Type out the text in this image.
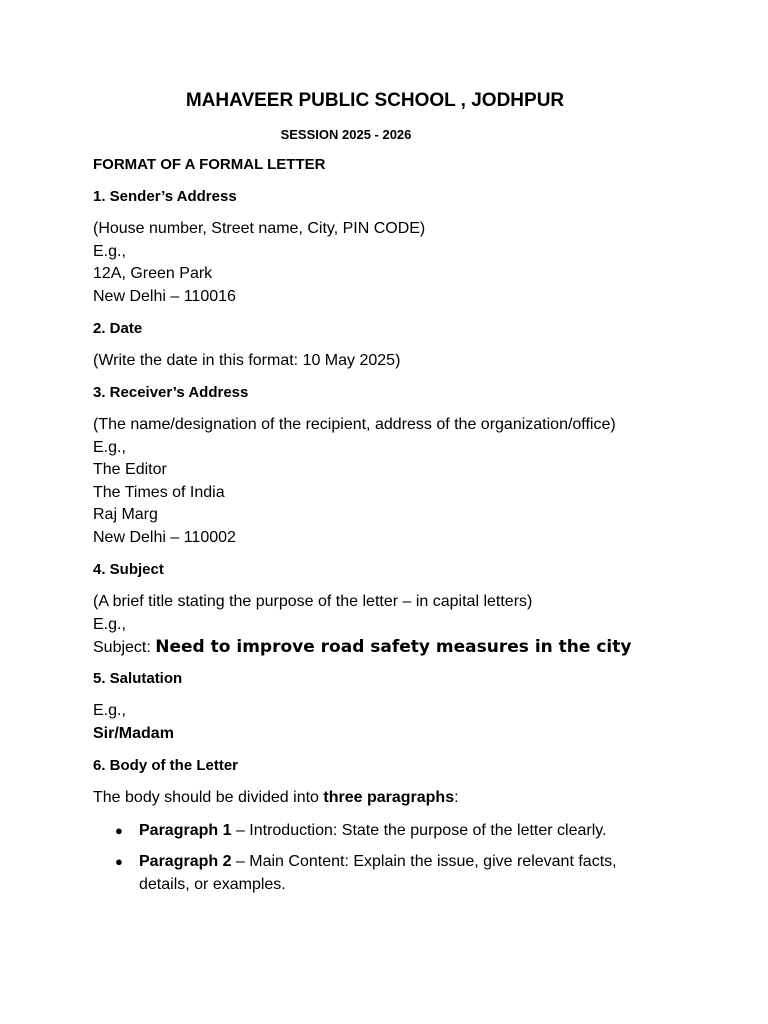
MAHAVEER PUBLIC SCHOOL , JODHPUR
SESSION 2025 - 2026
FORMAT OF A FORMAL LETTER
1. Sender’s Address
(House number, Street name, City, PIN CODE)
E.g.,
12A, Green Park
New Delhi – 110016
2. Date
(Write the date in this format: 10 May 2025)
3. Receiver’s Address
(The name/designation of the recipient, address of the organization/office)
E.g.,
The Editor
The Times of India
Raj Marg
New Delhi – 110002
4. Subject
(A brief title stating the purpose of the letter – in capital letters)
E.g.,
Subject: Need to improve road safety measures in the city
5. Salutation
E.g.,
Sir/Madam
6. Body of the Letter
The body should be divided into three paragraphs:
● Paragraph 1 – Introduction: State the purpose of the letter clearly.
● Paragraph 2 – Main Content: Explain the issue, give relevant facts, details, or examples.
